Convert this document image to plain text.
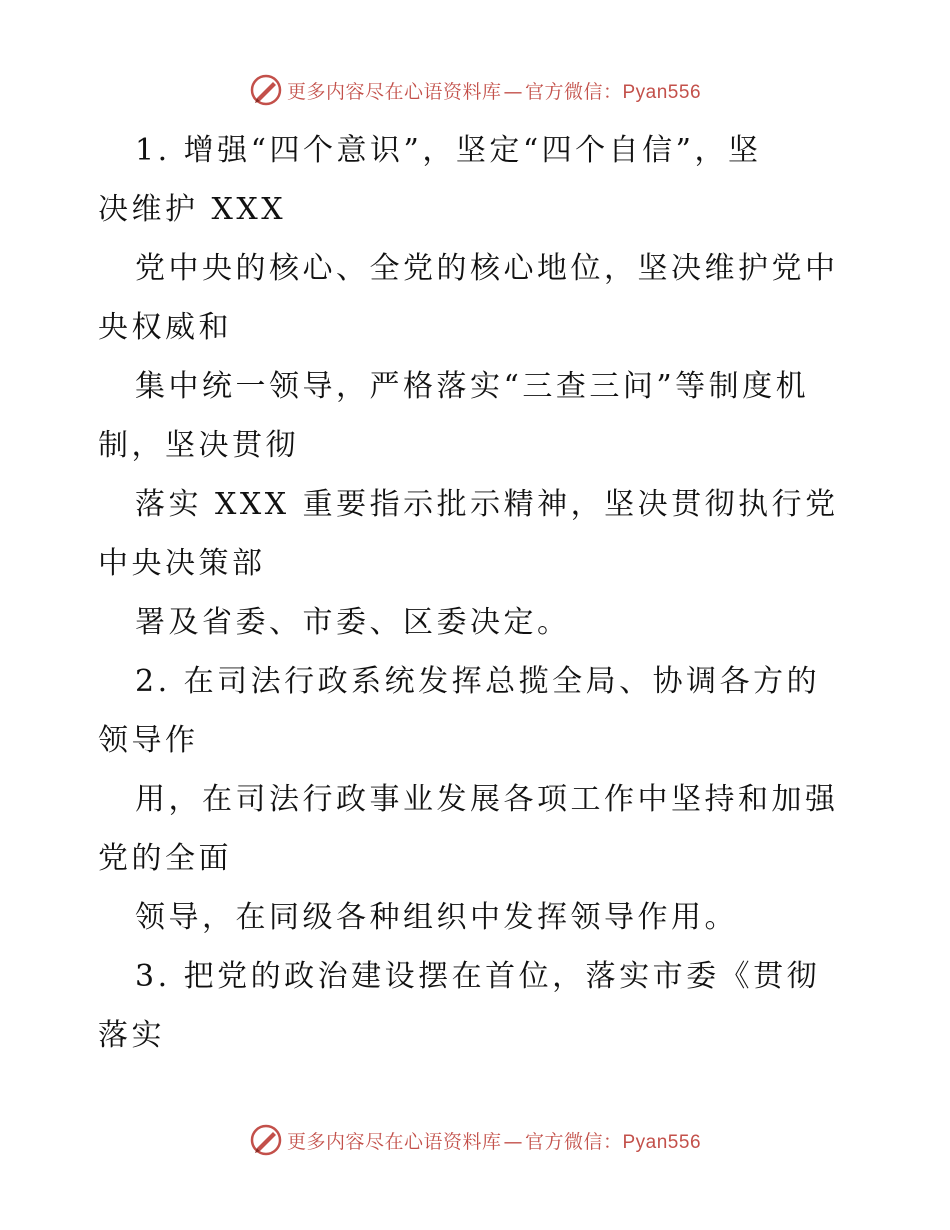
更多内容尽在心语资料库 — 官方微信：Pyan556
1. 增强“四个意识”，坚定“四个自信”，坚
决维护 XXX
党中央的核心、全党的核心地位，坚决维护党中
央权威和
集中统一领导，严格落实“三查三问”等制度机
制，坚决贯彻
落实 XXX 重要指示批示精神，坚决贯彻执行党
中央决策部
署及省委、市委、区委决定。
2. 在司法行政系统发挥总揽全局、协调各方的
领导作
用，在司法行政事业发展各项工作中坚持和加强
党的全面
领导，在同级各种组织中发挥领导作用。
3. 把党的政治建设摆在首位，落实市委《贯彻
落实
更多内容尽在心语资料库 — 官方微信：Pyan556
